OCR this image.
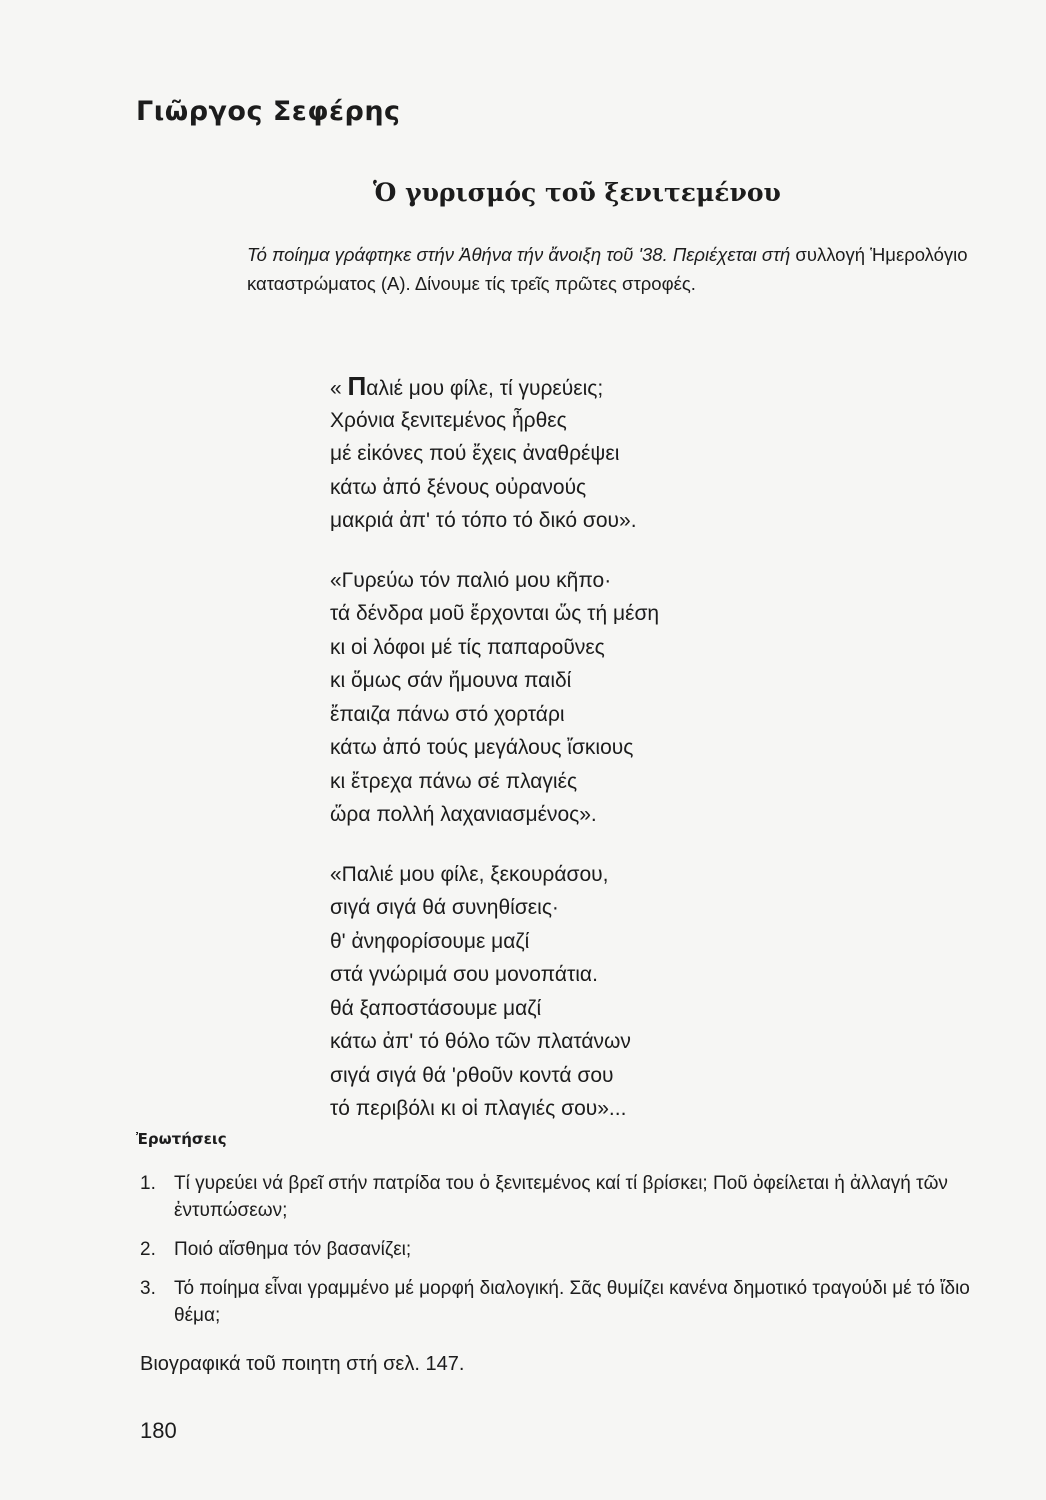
Γιῶργος Σεφέρης
Ὁ γυρισμός τοῦ ξενιτεμένου

Τό ποίημα γράφτηκε στήν Ἀθήνα τήν ἄνοιξη τοῦ '38. Περιέχεται στή συλλογή Ἡμερολόγιο καταστρώματος (Α). Δίνουμε τίς τρεῖς πρῶτες στροφές.

« Παλιέ μου φίλε, τί γυρεύεις;
Χρόνια ξενιτεμένος ἦρθες
μέ εἰκόνες πού ἔχεις ἀναθρέψει
κάτω ἀπό ξένους οὐρανούς
μακριά ἀπ' τό τόπο τό δικό σου».
«Γυρεύω τόν παλιό μου κῆπο·
τά δένδρα μοῦ ἔρχονται ὥς τή μέση
κι οἱ λόφοι μέ τίς παπαροῦνες
κι ὅμως σάν ἤμουνα παιδί
ἔπαιζα πάνω στό χορτάρι
κάτω ἀπό τούς μεγάλους ἴσκιους
κι ἔτρεχα πάνω σέ πλαγιές
ὥρα πολλή λαχανιασμένος».
«Παλιέ μου φίλε, ξεκουράσου,
σιγά σιγά θά συνηθίσεις·
θ' ἀνηφορίσουμε μαζί
στά γνώριμά σου μονοπάτια.
θά ξαποστάσουμε μαζί
κάτω ἀπ' τό θόλο τῶν πλατάνων
σιγά σιγά θά 'ρθοῦν κοντά σου
τό περιβόλι κι οἱ πλαγιές σου»...
Ἐρωτήσεις
1. Τί γυρεύει νά βρεῖ στήν πατρίδα του ὁ ξενιτεμένος καί τί βρίσκει; Ποῦ ὀφείλεται ἡ ἀλλαγή τῶν ἐντυπώσεων;
2. Ποιό αἴσθημα τόν βασανίζει;
3. Τό ποίημα εἶναι γραμμένο μέ μορφή διαλογική. Σᾶς θυμίζει κανένα δημοτικό τραγούδι μέ τό ἴδιο θέμα;

Βιογραφικά τοῦ ποιητη στή σελ. 147.

180
